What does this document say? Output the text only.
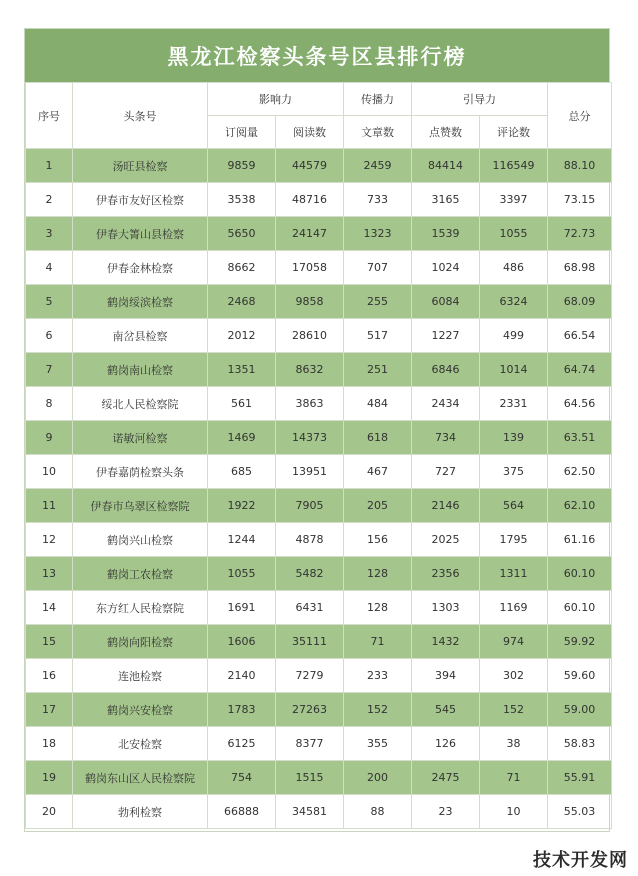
黑龙江检察头条号区县排行榜
序号	头条号	影响力		传播力	引导力		总分
		订阅量	阅读数	文章数	点赞数	评论数	
1	汤旺县检察	9859	44579	2459	84414	116549	88.10
2	伊春市友好区检察	3538	48716	733	3165	3397	73.15
3	伊春大箐山县检察	5650	24147	1323	1539	1055	72.73
4	伊春金林检察	8662	17058	707	1024	486	68.98
5	鹤岗绥滨检察	2468	9858	255	6084	6324	68.09
6	南岔县检察	2012	28610	517	1227	499	66.54
7	鹤岗南山检察	1351	8632	251	6846	1014	64.74
8	绥北人民检察院	561	3863	484	2434	2331	64.56
9	诺敏河检察	1469	14373	618	734	139	63.51
10	伊春嘉荫检察头条	685	13951	467	727	375	62.50
11	伊春市乌翠区检察院	1922	7905	205	2146	564	62.10
12	鹤岗兴山检察	1244	4878	156	2025	1795	61.16
13	鹤岗工农检察	1055	5482	128	2356	1311	60.10
14	东方红人民检察院	1691	6431	128	1303	1169	60.10
15	鹤岗向阳检察	1606	35111	71	1432	974	59.92
16	连池检察	2140	7279	233	394	302	59.60
17	鹤岗兴安检察	1783	27263	152	545	152	59.00
18	北安检察	6125	8377	355	126	38	58.83
19	鹤岗东山区人民检察院	754	1515	200	2475	71	55.91
20	勃利检察	66888	34581	88	23	10	55.03
技术开发网
